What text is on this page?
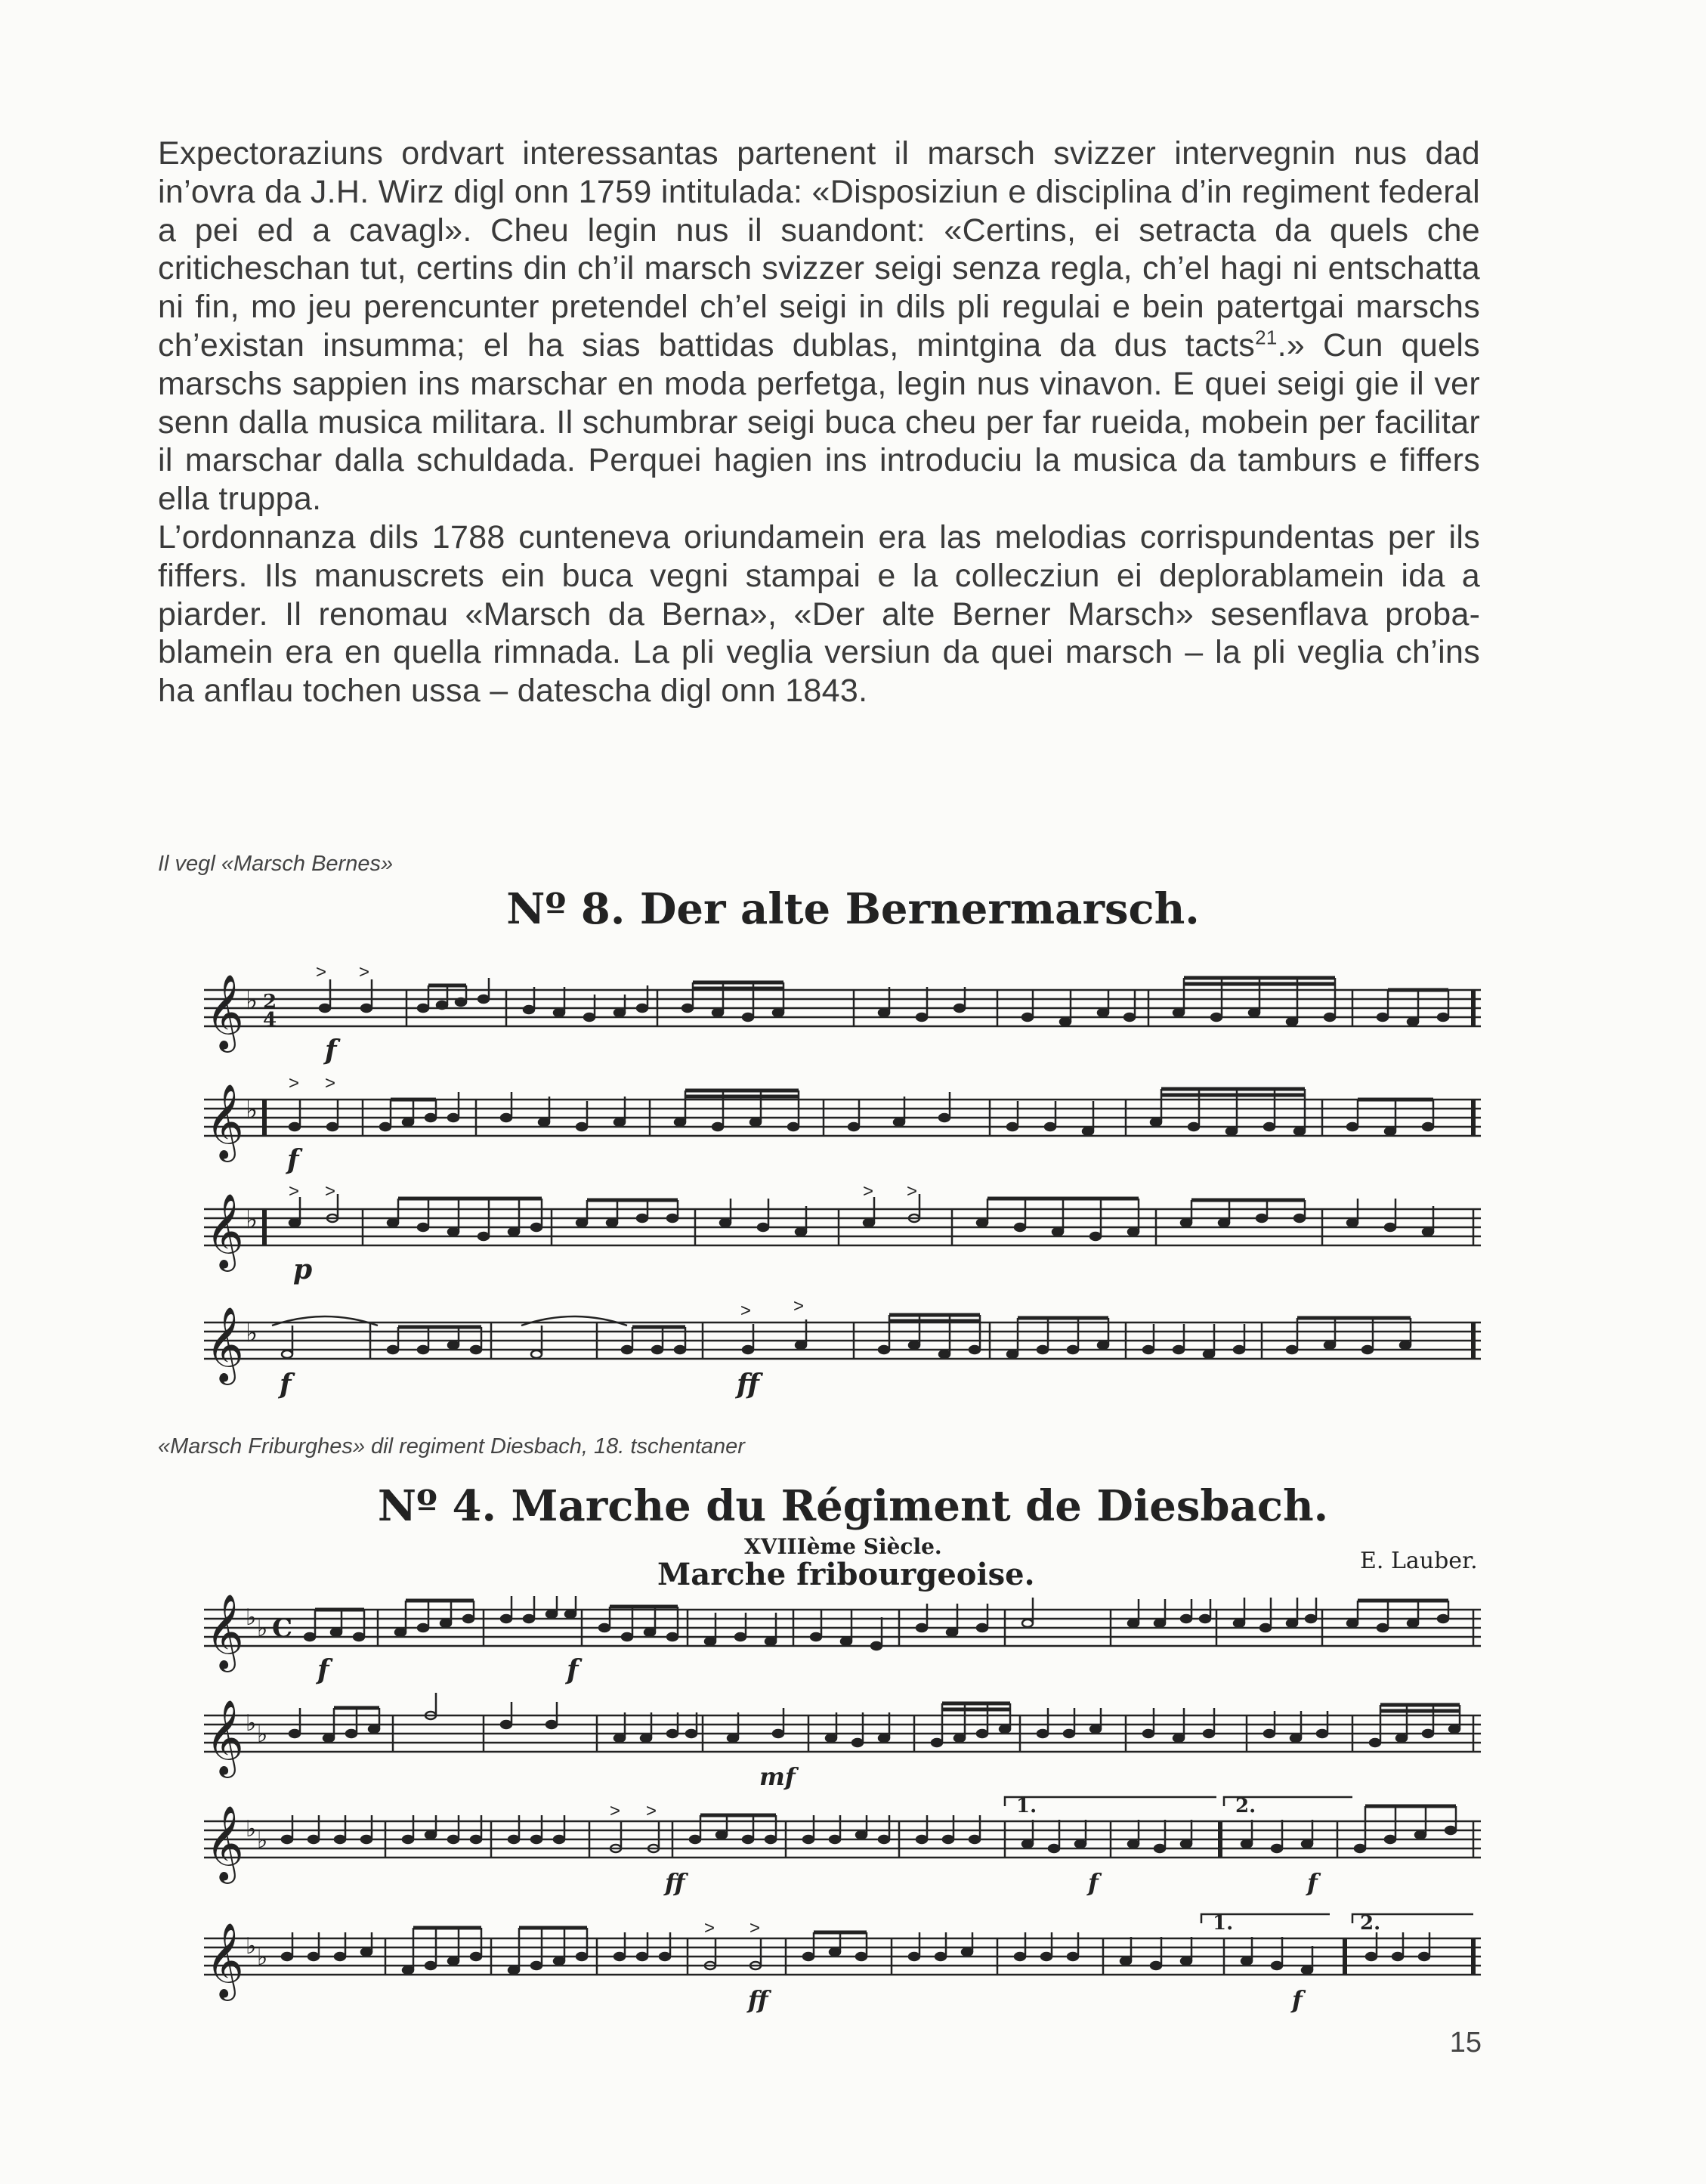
Expectoraziuns ordvart interessantas partenent il marsch svizzer intervegnin nus dad in’ovra da J.H. Wirz digl onn 1759 intitulada: «Disposiziun e disciplina d’in regiment federal a pei ed a cavagl». Cheu legin nus il suandont: «Certins, ei setracta da quels che criticheschan tut, certins din ch’il marsch svizzer seigi senza regla, ch’el hagi ni entschatta ni fin, mo jeu perencunter pretendel ch’el seigi in dils pli regulai e bein patertgai marschs ch’existan insumma; el ha sias battidas dublas, mintgina da dus tacts$^{21}$.» Cun quels marschs sappien ins marschar en moda perfetga, legin nus vinavon. E quei seigi gie il ver senn dalla musica militara. Il schumbrar seigi buca cheu per far rueida, mobein per facilitar il marschar dalla schuldada. Perquei hagien ins introduciu la musica da tamburs e fiffers ella truppa.

L’ordonnanza dils 1788 cunteneva oriundamein era las melodias corrispundentas per ils fiffers. Ils manuscrets ein buca vegni stampai e la collecziun ei deplorablamein ida a piarder. Il renomau «Marsch da Berna», «Der alte Berner Marsch» sesenflava probablamein era en quella rimnada. La pli veglia versiun da quei marsch – la pli veglia ch’ins ha anflau tochen ussa – datescha digl onn 1843.

Il vegl «Marsch Bernes»
Nº 8. Der alte Bernermarsch.
«Marsch Friburghes» dil regiment Diesbach, 18. tschentaner
Nº 4. Marche du Régiment de Diesbach.
XVIIIème Siècle.
Marche fribourgeoise.	E. Lauber.
𝄞 ♭ 2
4
> >
f
𝄞 ♭
> >
f
𝄞 ♭
> >	> >
p
𝄞 ♭
> >
f	ff
𝄞 ♭ ♭ C
f	f
𝄞 ♭ ♭
mf
𝄞 ♭ ♭
1.	2.
> >
ff	f	f
𝄞 ♭ ♭
1.	2.
> >
ff	f
15
